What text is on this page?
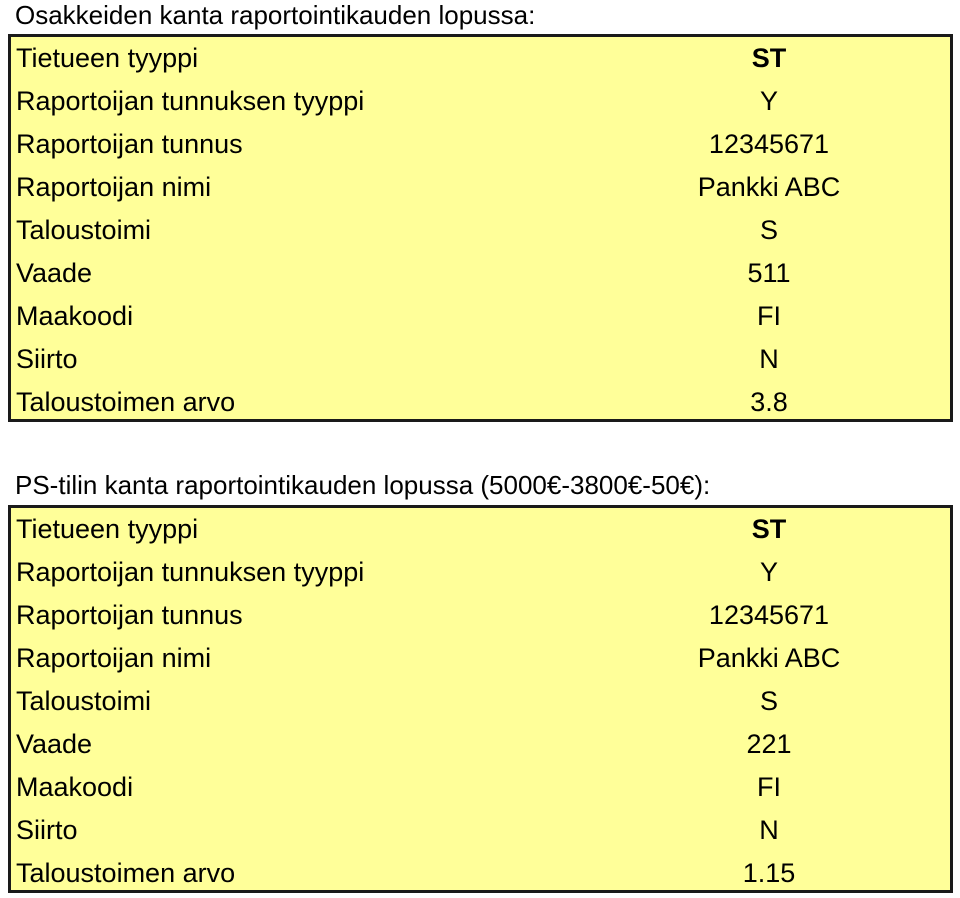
Osakkeiden kanta raportointikauden lopussa:
Tietueen tyyppi	ST
Raportoijan tunnuksen tyyppi	Y
Raportoijan tunnus	12345671
Raportoijan nimi	Pankki ABC
Taloustoimi	S
Vaade	511
Maakoodi	FI
Siirto	N
Taloustoimen arvo	3.8
PS-tilin kanta raportointikauden lopussa (5000€-3800€-50€):
Tietueen tyyppi	ST
Raportoijan tunnuksen tyyppi	Y
Raportoijan tunnus	12345671
Raportoijan nimi	Pankki ABC
Taloustoimi	S
Vaade	221
Maakoodi	FI
Siirto	N
Taloustoimen arvo	1.15
